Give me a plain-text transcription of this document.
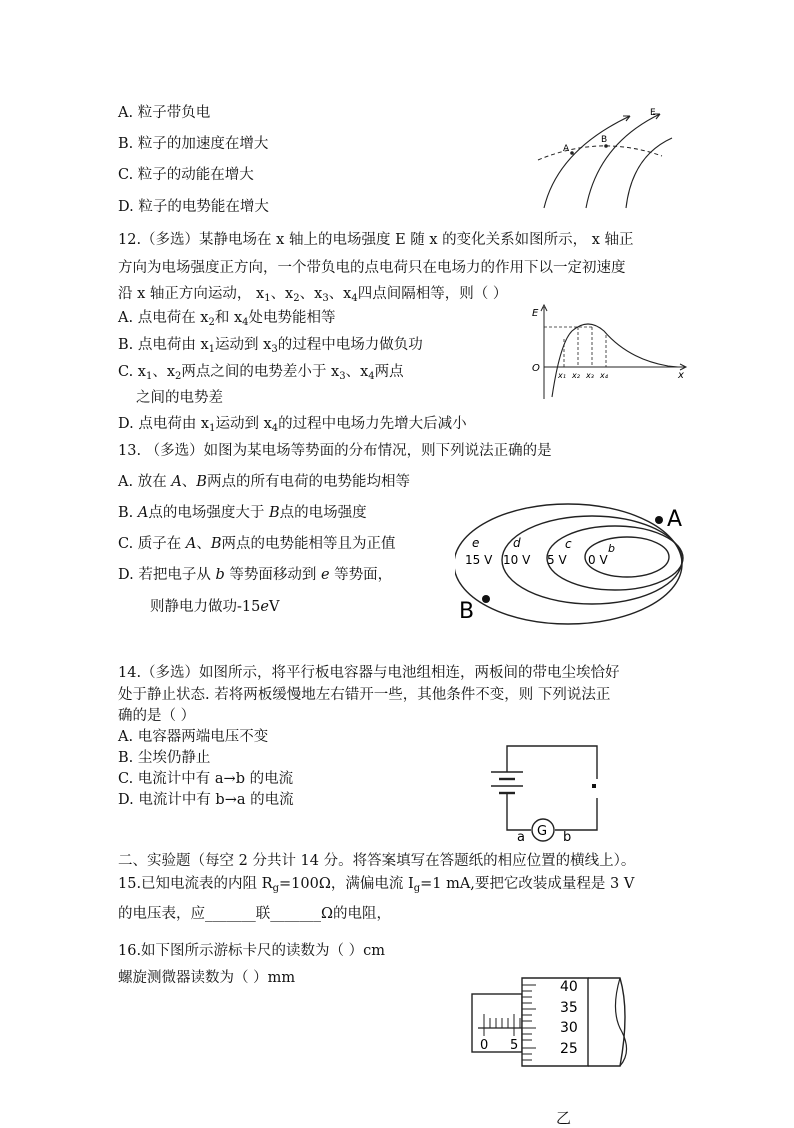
A. 粒子带负电
B. 粒子的加速度在增大
C. 粒子的动能在增大
D. 粒子的电势能在增大
A
B
E
12.（多选）某静电场在 x 轴上的电场强度 E 随 x 的变化关系如图所示， x 轴正
方向为电场强度正方向，一个带负电的点电荷只在电场力的作用下以一定初速度
沿 x 轴正方向运动， $x_1$、$x_2$、$x_3$、$x_4$四点间隔相等，则（ ）
A. 点电荷在 $x_2$和 $x_4$处电势能相等
B. 点电荷由 $x_1$运动到 $x_3$的过程中电场力做负功
C. $x_1$、$x_2$两点之间的电势差小于 $x_3$、$x_4$两点
之间的电势差
D. 点电荷由 $x_1$运动到 $x_4$的过程中电场力先增大后减小
E
O
x
x₁ x₂ x₃ x₄
13. （多选）如图为某电场等势面的分布情况，则下列说法正确的是
A. 放在 A、B两点的所有电荷的电势能均相等
B. A点的电场强度大于 B点的电场强度
C. 质子在 A、B两点的电势能相等且为正值
D. 若把电子从 b 等势面移动到 e 等势面，
则静电力做功-15eV
A
B
e	d	c	b
15 V 10 V 5 V 0 V
14.（多选）如图所示，将平行板电容器与电池组相连，两板间的带电尘埃恰好
处于静止状态. 若将两板缓慢地左右错开一些，其他条件不变，则 下列说法正
确的是（ ）
A. 电容器两端电压不变
B. 尘埃仍静止
C. 电流计中有 a→b 的电流
D. 电流计中有 b→a 的电流
G
a	b
二、实验题（每空 2 分共计 14 分。将答案填写在答题纸的相应位置的横线上）。
15.已知电流表的内阻 $R_g=100\Omega$，满偏电流 $I_g=1$ mA,要把它改装成量程是 3 V
的电压表，应_______联_______Ω的电阻，
16.如下图所示游标卡尺的读数为（ ）cm
螺旋测微器读数为（ ）mm
0 5
40
35
30
25
乙
